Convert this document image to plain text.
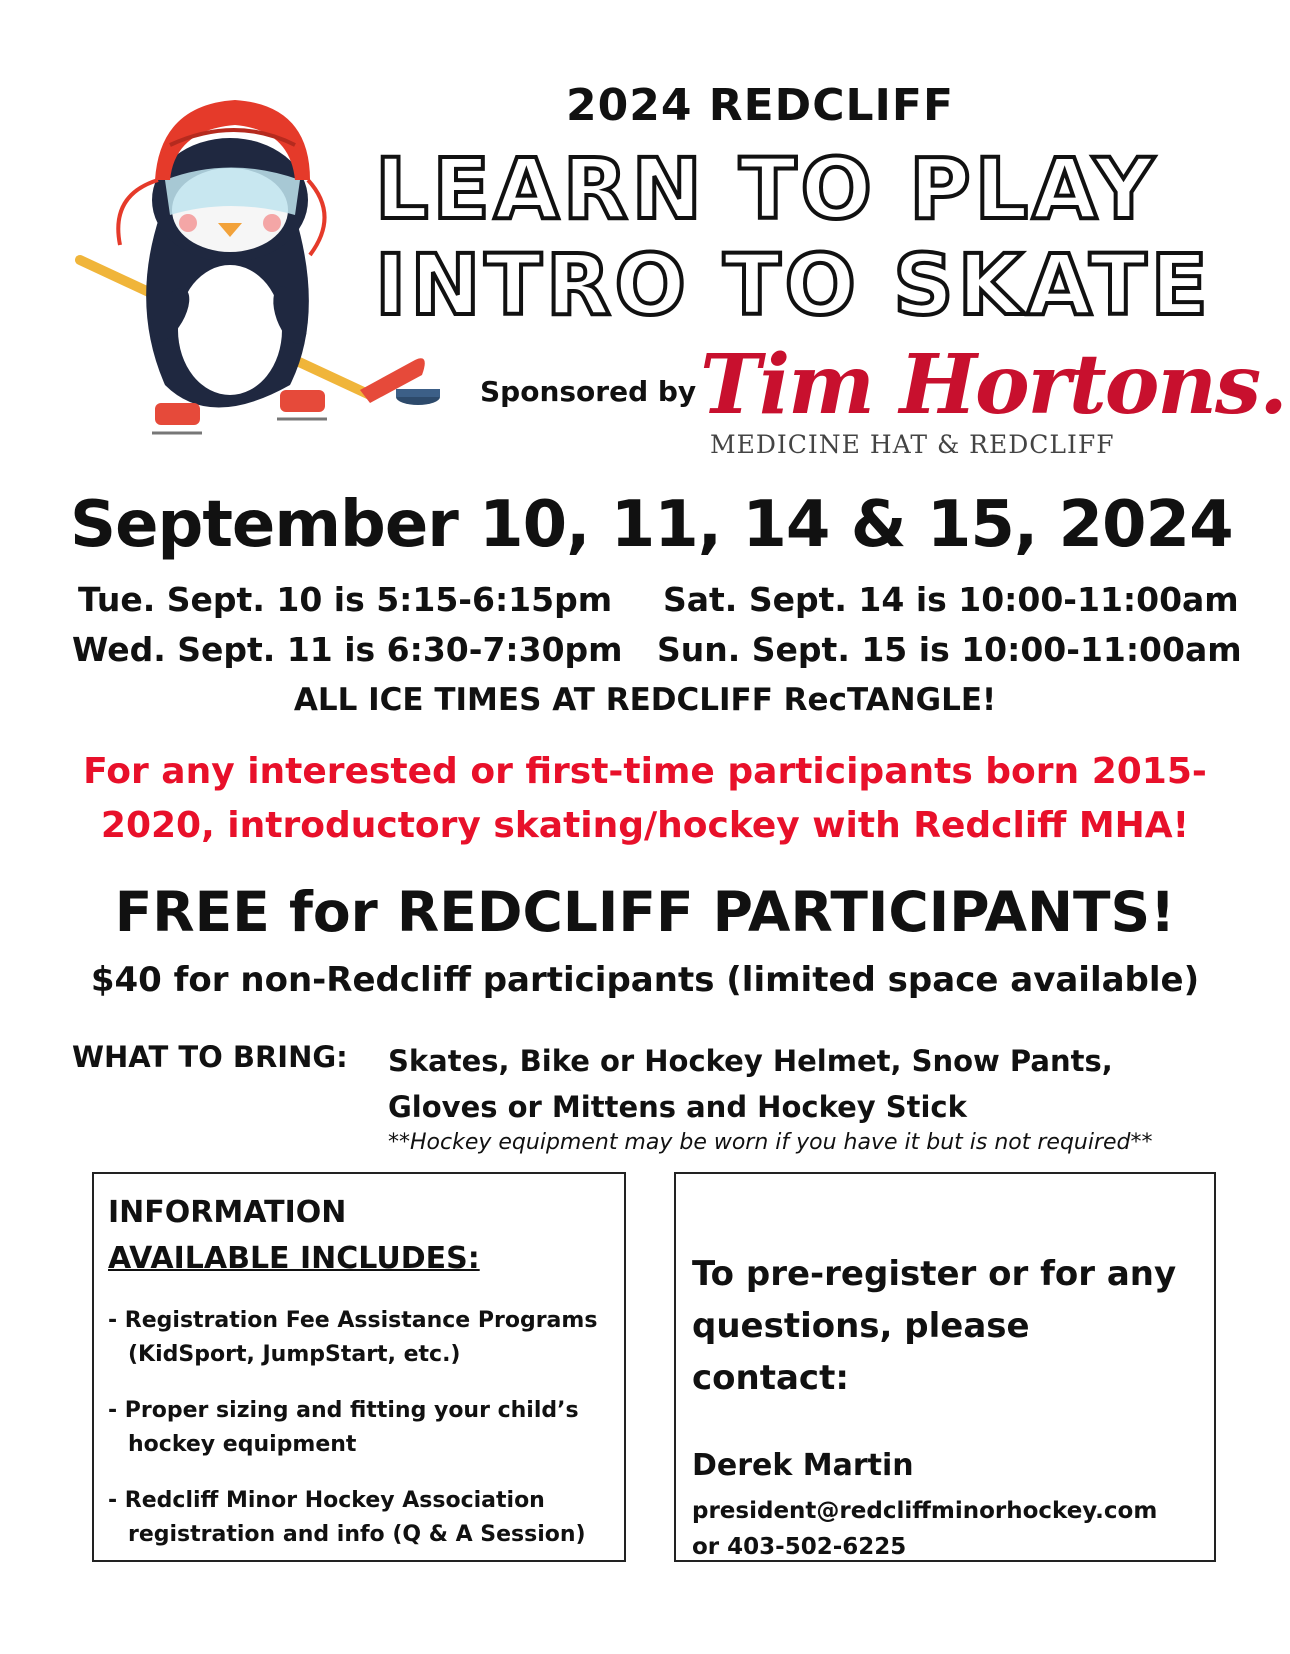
2024 REDCLIFF
LEARN TO PLAY
INTRO TO SKATE
Sponsored by Tim Hortons.
MEDICINE HAT & REDCLIFF
September 10, 11, 14 & 15, 2024
Tue. Sept. 10 is 5:15-6:15pm Sat. Sept. 14 is 10:00-11:00am
Wed. Sept. 11 is 6:30-7:30pm Sun. Sept. 15 is 10:00-11:00am
ALL ICE TIMES AT REDCLIFF RecTANGLE!
For any interested or first-time participants born 2015-
2020, introductory skating/hockey with Redcliff MHA!
FREE for REDCLIFF PARTICIPANTS!
$40 for non-Redcliff participants (limited space available)
WHAT TO BRING: Skates, Bike or Hockey Helmet, Snow Pants,
Gloves or Mittens and Hockey Stick
**Hockey equipment may be worn if you have it but is not required**
INFORMATION
AVAILABLE INCLUDES:
- Registration Fee Assistance Programs
(KidSport, JumpStart, etc.)
- Proper sizing and fitting your child’s
hockey equipment
- Redcliff Minor Hockey Association
registration and info (Q & A Session)
To pre-register or for any
questions, please contact:
Derek Martin
president@redcliffminorhockey.com
or 403-502-6225
